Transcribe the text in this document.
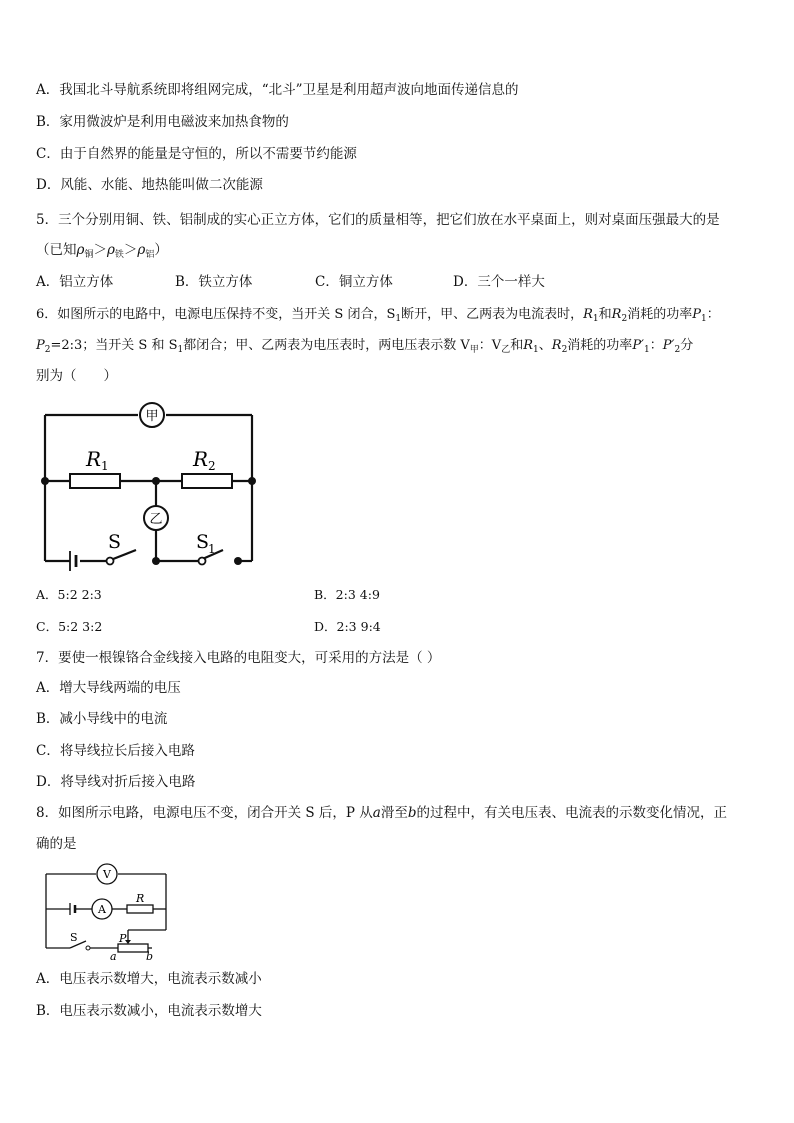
A．我国北斗导航系统即将组网完成，“北斗”卫星是利用超声波向地面传递信息的
B．家用微波炉是利用电磁波来加热食物的
C．由于自然界的能量是守恒的，所以不需要节约能源
D．风能、水能、地热能叫做二次能源
5．三个分别用铜、铁、铝制成的实心正立方体，它们的质量相等，把它们放在水平桌面上，则对桌面压强最大的是
（已知$\rho_铜>\rho_铁>\rho_铝$）
A．铝立方体	B．铁立方体	C．铜立方体	D．三个一样大
6．如图所示的电路中，电源电压保持不变，当开关 S 闭合，$S_1$断开，甲、乙两表为电流表时，$R_1$和$R_2$消耗的功率$P_1$：
$P_2=2:3$；当开关 S 和 $S_1$都闭合；甲、乙两表为电压表时，两电压表示数 $V_甲$：$V_乙$和$R_1$、$R_2$消耗的功率$P'_1$：$P'_2$分
别为（　　）
甲
乙
R 1	R 2
S	S
1
A．5:2 2:3	B．2:3 4:9
C．5:2 3:2	D．2:3 9:4
7．要使一根镍铬合金线接入电路的电阻变大，可采用的方法是（ ）
A．增大导线两端的电压
B．减小导线中的电流
C．将导线拉长后接入电路
D．将导线对折后接入电路
8．如图所示电路，电源电压不变，闭合开关 S 后，P 从a滑至b的过程中，有关电压表、电流表的示数变化情况，正
确的是
V
A
R
S	P
a	b
A．电压表示数增大，电流表示数减小
B．电压表示数减小，电流表示数增大
